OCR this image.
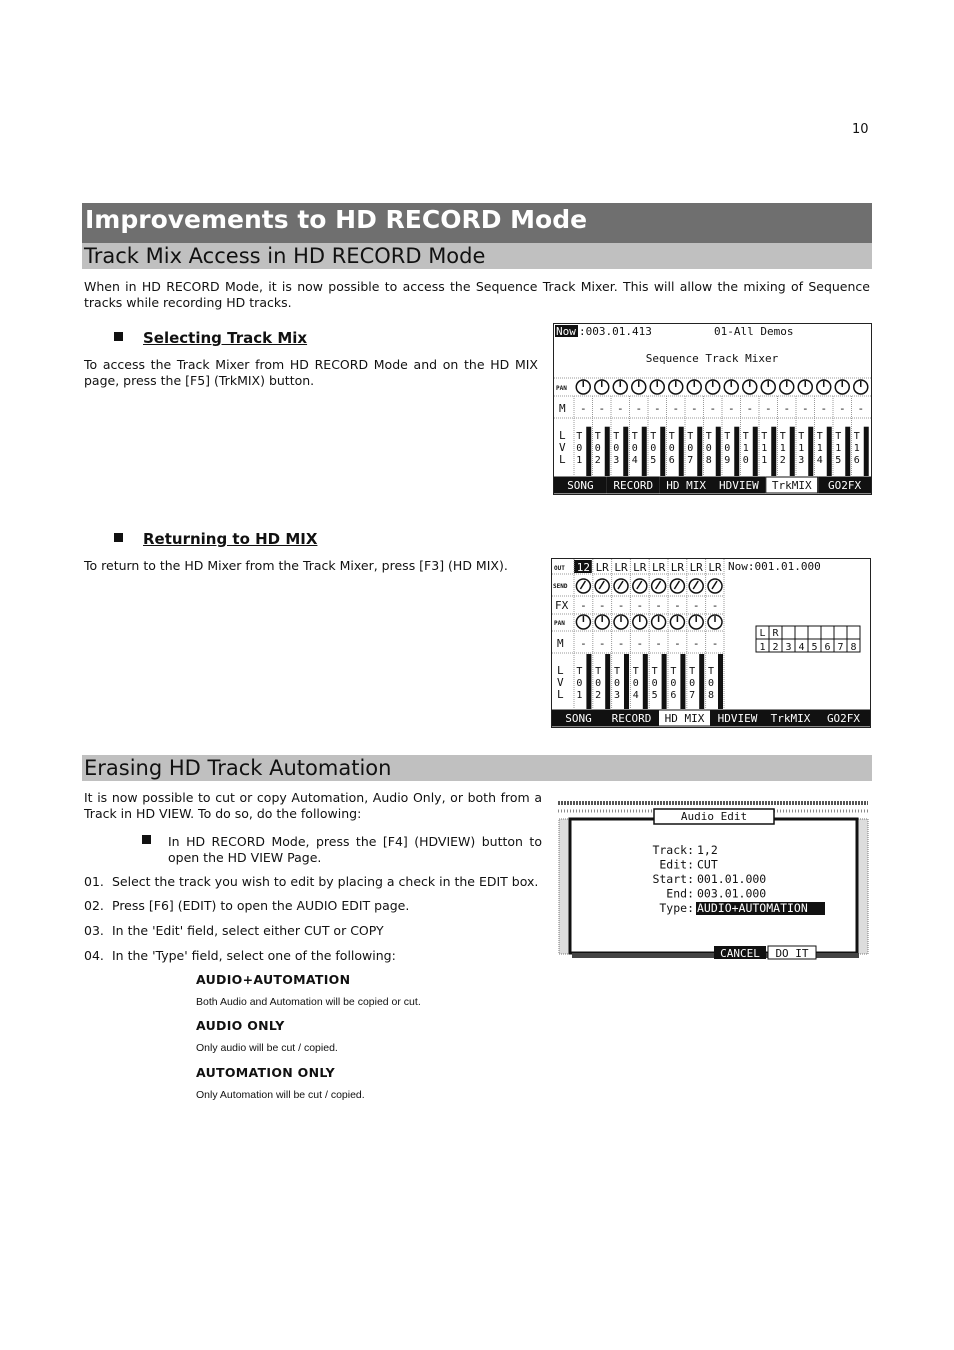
10
Improvements to HD RECORD Mode
Track Mix Access in HD RECORD Mode
When in HD RECORD Mode, it is now possible to access the Sequence Track Mixer. This will allow the mixing of Sequence tracks while recording HD tracks.
Selecting Track Mix
To access the Track Mixer from HD RECORD Mode and on the HD MIX page, press the [F5] (TrkMIX) button.
Returning to HD MIX
To return to the HD Mixer from the Track Mixer, press [F3] (HD MIX).
Now :003.01.413	01-All Demos
Sequence Track Mixer
PAN
M
L
V
L
-
T
0
1
-
T
0
2
-
T
0
3
-
T
0
4
-
T
0
5
-
T
0
6
-
T
0
7
-
T
0
8
-
T
0
9
-
T
1
0
-
T
1
1
-
T
1
2
-
T
1
3
-
T
1
4
-
T
1
5
-
T
1
6
SONG RECORD HD MIX HDVIEW TrkMIX GO2FX
OUT	Now:001.01.000
SEND
FX
PAN
M
L
V
L
12 LR LR LR LR LR LR LR
-
-
T
0
1
-
-
T
0
2
-
-
T
0
3
-
-
T
0
4
-
-
T
0
5
-
-
T
0
6
-
-
T
0
7
-
-
T
0
8
L R
1 2 3 4 5 6 7 8
SONG RECORD HD MIX HDVIEW TrkMIX GO2FX
Erasing HD Track Automation
It is now possible to cut or copy Automation, Audio Only, or both from a Track in HD VIEW. To do so, do the following:
In HD RECORD Mode, press the [F4] (HDVIEW) button to open the HD VIEW Page.
01. Select the track you wish to edit by placing a check in the EDIT box.
02. Press [F6] (EDIT) to open the AUDIO EDIT page.
03. In the 'Edit' field, select either CUT or COPY
04. In the 'Type' field, select one of the following:
AUDIO+AUTOMATION
Both Audio and Automation will be copied or cut.
AUDIO ONLY
Only audio will be cut / copied.
AUTOMATION ONLY
Only Automation will be cut / copied.
Audio Edit
Track: 1,2
Edit: CUT
Start: 001.01.000
End: 003.01.000
Type: AUDIO+AUTOMATION
CANCEL DO IT
